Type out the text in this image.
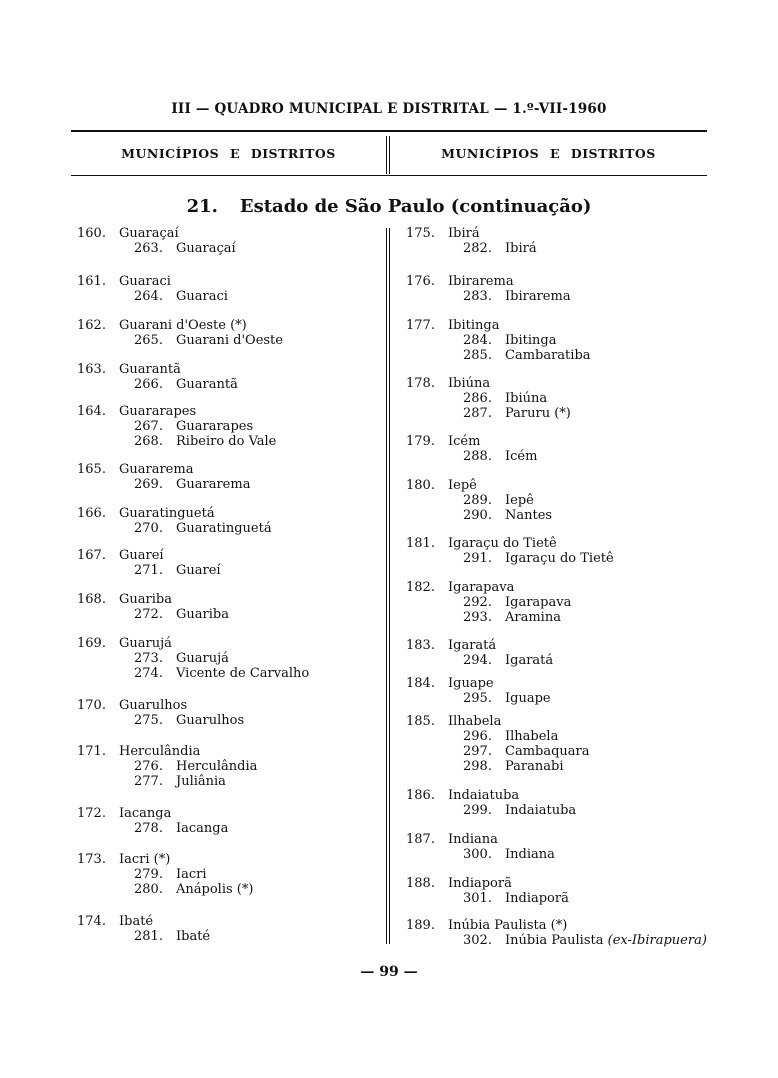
III — QUADRO MUNICIPAL E DISTRITAL — 1.º-VII-1960
MUNICÍPIOS E DISTRITOS	MUNICÍPIOS E DISTRITOS
21. Estado de São Paulo (continuação)
160. Guaraçaí
263. Guaraçaí
161. Guaraci
264. Guaraci
162. Guarani d'Oeste (*)
265. Guarani d'Oeste
163. Guarantã
266. Guarantã
164. Guararapes
267. Guararapes
268. Ribeiro do Vale
165. Guararema
269. Guararema
166. Guaratinguetá
270. Guaratinguetá
167. Guareí
271. Guareí
168. Guariba
272. Guariba
169. Guarujá
273. Guarujá
274. Vicente de Carvalho
170. Guarulhos
275. Guarulhos
171. Herculândia
276. Herculândia
277. Juliânia
172. Iacanga
278. Iacanga
173. Iacri (*)
279. Iacri
280. Anápolis (*)
174. Ibaté
281. Ibaté
175. Ibirá
282. Ibirá
176. Ibirarema
283. Ibirarema
177. Ibitinga
284. Ibitinga
285. Cambaratiba
178. Ibiúna
286. Ibiúna
287. Paruru (*)
179. Icém
288. Icém
180. Iepê
289. Iepê
290. Nantes
181. Igaraçu do Tietê
291. Igaraçu do Tietê
182. Igarapava
292. Igarapava
293. Aramina
183. Igaratá
294. Igaratá
184. Iguape
295. Iguape
185. Ilhabela
296. Ilhabela
297. Cambaquara
298. Paranabi
186. Indaiatuba
299. Indaiatuba
187. Indiana
300. Indiana
188. Indiaporã
301. Indiaporã
189. Inúbia Paulista (*)
302. Inúbia Paulista (ex-Ibirapuera)
— 99 —
